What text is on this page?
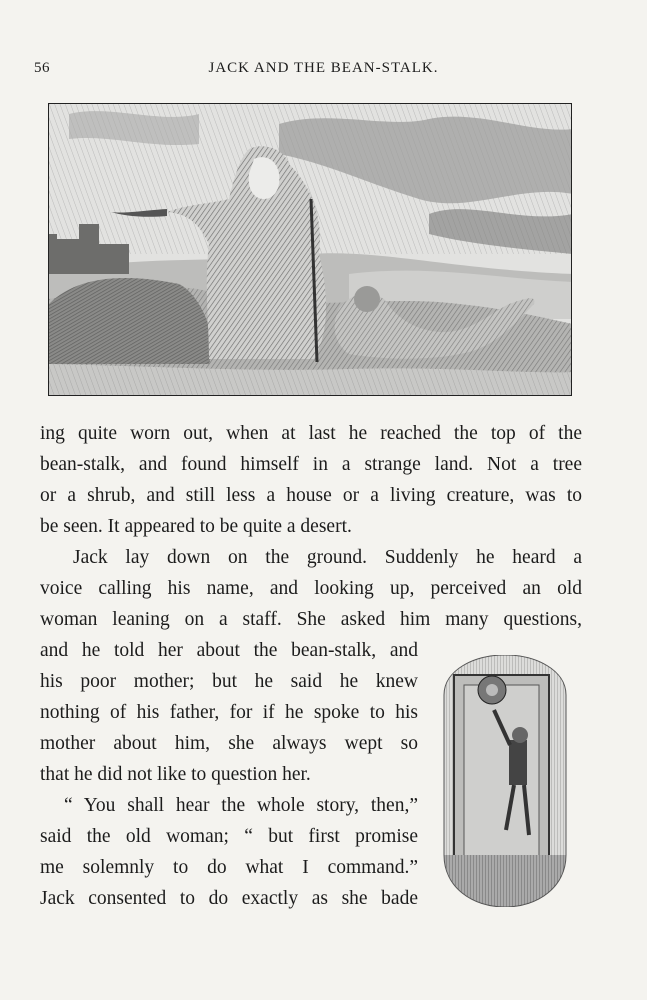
56	JACK AND THE BEAN-STALK.
ing quite worn out, when at last he reached the top of the
bean-stalk, and found himself in a strange land. Not a tree
or a shrub, and still less a house or a living creature, was to
be seen. It appeared to be quite a desert.
Jack lay down on the ground. Suddenly he heard a
voice calling his name, and looking up, perceived an old
woman leaning on a staff. She asked him many questions,
and he told her about the bean-stalk, and
his poor mother; but he said he knew
nothing of his father, for if he spoke to his
mother about him, she always wept so
that he did not like to question her.
“ You shall hear the whole story, then,”
said the old woman; “ but first promise
me solemnly to do what I command.”
Jack consented to do exactly as she bade
